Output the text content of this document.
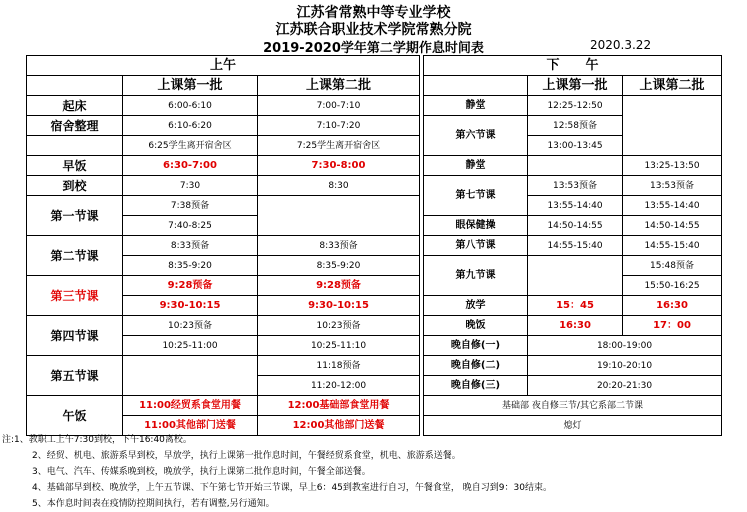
江苏省常熟中等专业学校
江苏联合职业技术学院常熟分院
2019-2020学年第二学期作息时间表	2020.3.22
上午		
	上课第一批	上课第二批
起床	6:00-6:10	7:00-7:10
宿舍整理	6:10-6:20	7:10-7:20
	6:25学生离开宿舍区	7:25学生离开宿舍区
早饭	6:30-7:00	7:30-8:00
到校	7:30	8:30
第一节课	7:38预备	
	7:40-8:25	
第二节课	8:33预备	8:33预备
	8:35-9:20	8:35-9:20
第三节课	9:28预备	9:28预备
	9:30-10:15	9:30-10:15
第四节课	10:23预备	10:23预备
	10:25-11:00	10:25-11:10
第五节课		11:18预备
		11:20-12:00
午饭	11:00经贸系食堂用餐	12:00基础部食堂用餐
	11:00其他部门送餐	12:00其他部门送餐
下　　午		
	上课第一批	上课第二批
静堂	12:25-12:50	
第六节课	12:58预备	
	13:00-13:45	
静堂		13:25-13:50
第七节课	13:53预备	13:53预备
	13:55-14:40	13:55-14:40
眼保健操	14:50-14:55	14:50-14:55
第八节课	14:55-15:40	14:55-15:40
第九节课		15:48预备
		15:50-16:25
放学	15：45	16:30
晚饭	16:30	17：00
晚自修(一)	18:00-19:00	
晚自修(二)	19:10-20:10	
晚自修(三)	20:20-21:30	
基础部 夜自修三节/其它系部二节课		
熄灯		
注:1、教职工上午7:30到校，下午16:40离校。
2、经贸、机电、旅游系早到校，早放学，执行上课第一批作息时间，午餐经贸系食堂，机电、旅游系送餐。
3、电气、汽车、传媒系晚到校，晚放学，执行上课第二批作息时间，午餐全部送餐。
4、基础部早到校、晚放学，上午五节课、下午第七节开始三节课，早上6：45到教室进行自习，午餐食堂， 晚自习到9：30结束。
5、本作息时间表在疫情防控期间执行，若有调整,另行通知。
